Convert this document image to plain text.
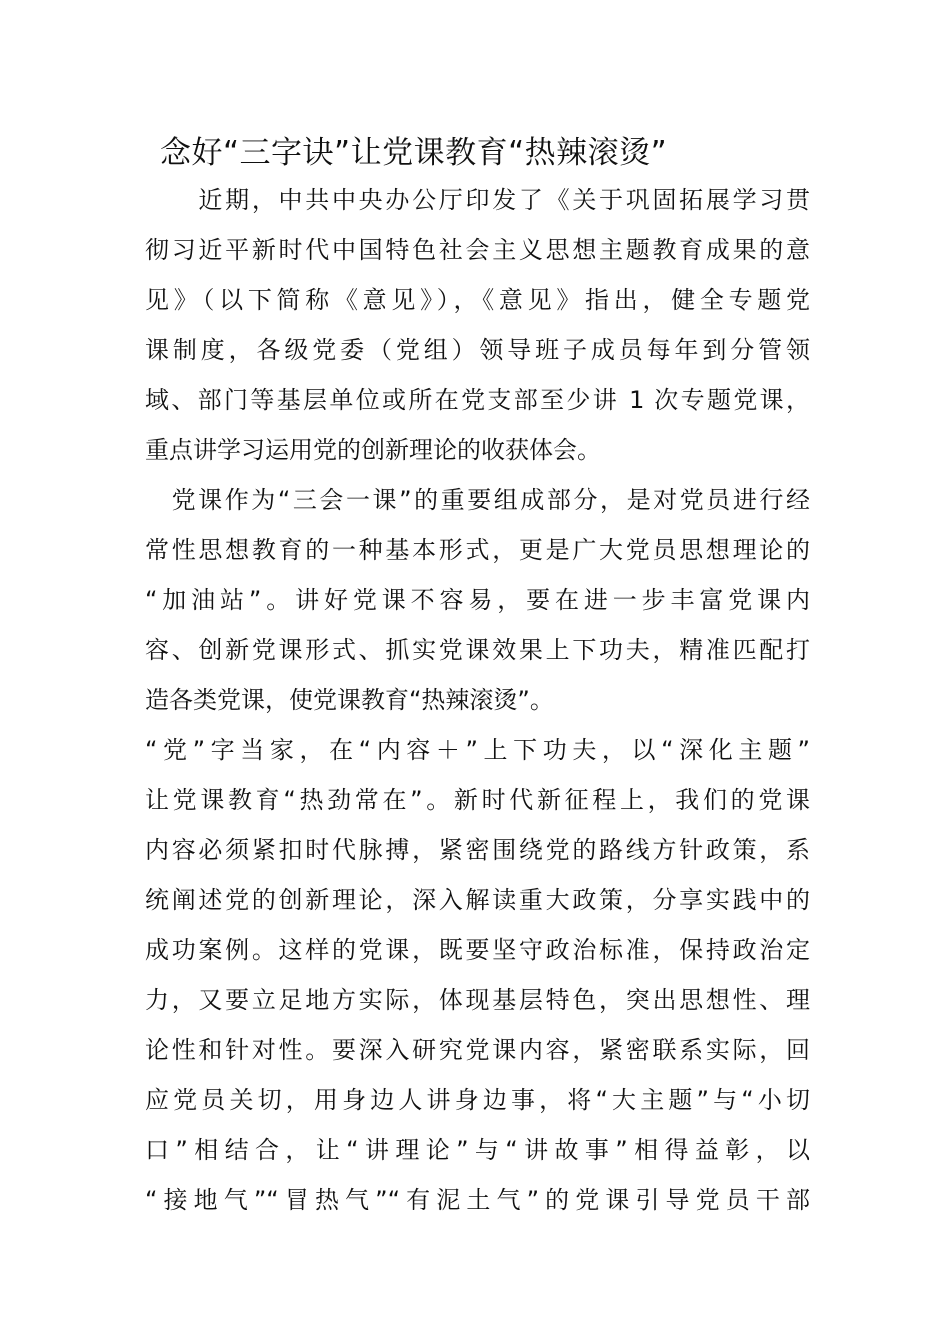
念好“三字诀”让党课教育“热辣滚烫”
　　近期，中共中央办公厅印发了《关于巩固拓展学习贯
彻习近平新时代中国特色社会主义思想主题教育成果的意
见》（以下简称《意见》），《意见》指出，健全专题党
课制度，各级党委（党组）领导班子成员每年到分管领
域、部门等基层单位或所在党支部至少讲 1 次专题党课，
重点讲学习运用党的创新理论的收获体会。
　党课作为“三会一课”的重要组成部分，是对党员进行经
常性思想教育的一种基本形式，更是广大党员思想理论的
“加油站”。讲好党课不容易，要在进一步丰富党课内
容、创新党课形式、抓实党课效果上下功夫，精准匹配打
造各类党课，使党课教育“热辣滚烫”。
“党”字当家，在“内容＋”上下功夫，以“深化主题”
让党课教育“热劲常在”。新时代新征程上，我们的党课
内容必须紧扣时代脉搏，紧密围绕党的路线方针政策，系
统阐述党的创新理论，深入解读重大政策，分享实践中的
成功案例。这样的党课，既要坚守政治标准，保持政治定
力，又要立足地方实际，体现基层特色，突出思想性、理
论性和针对性。要深入研究党课内容，紧密联系实际，回
应党员关切，用身边人讲身边事，将“大主题”与“小切
口”相结合，让“讲理论”与“讲故事”相得益彰，以
“接地气”“冒热气”“有泥土气”的党课引导党员干部
